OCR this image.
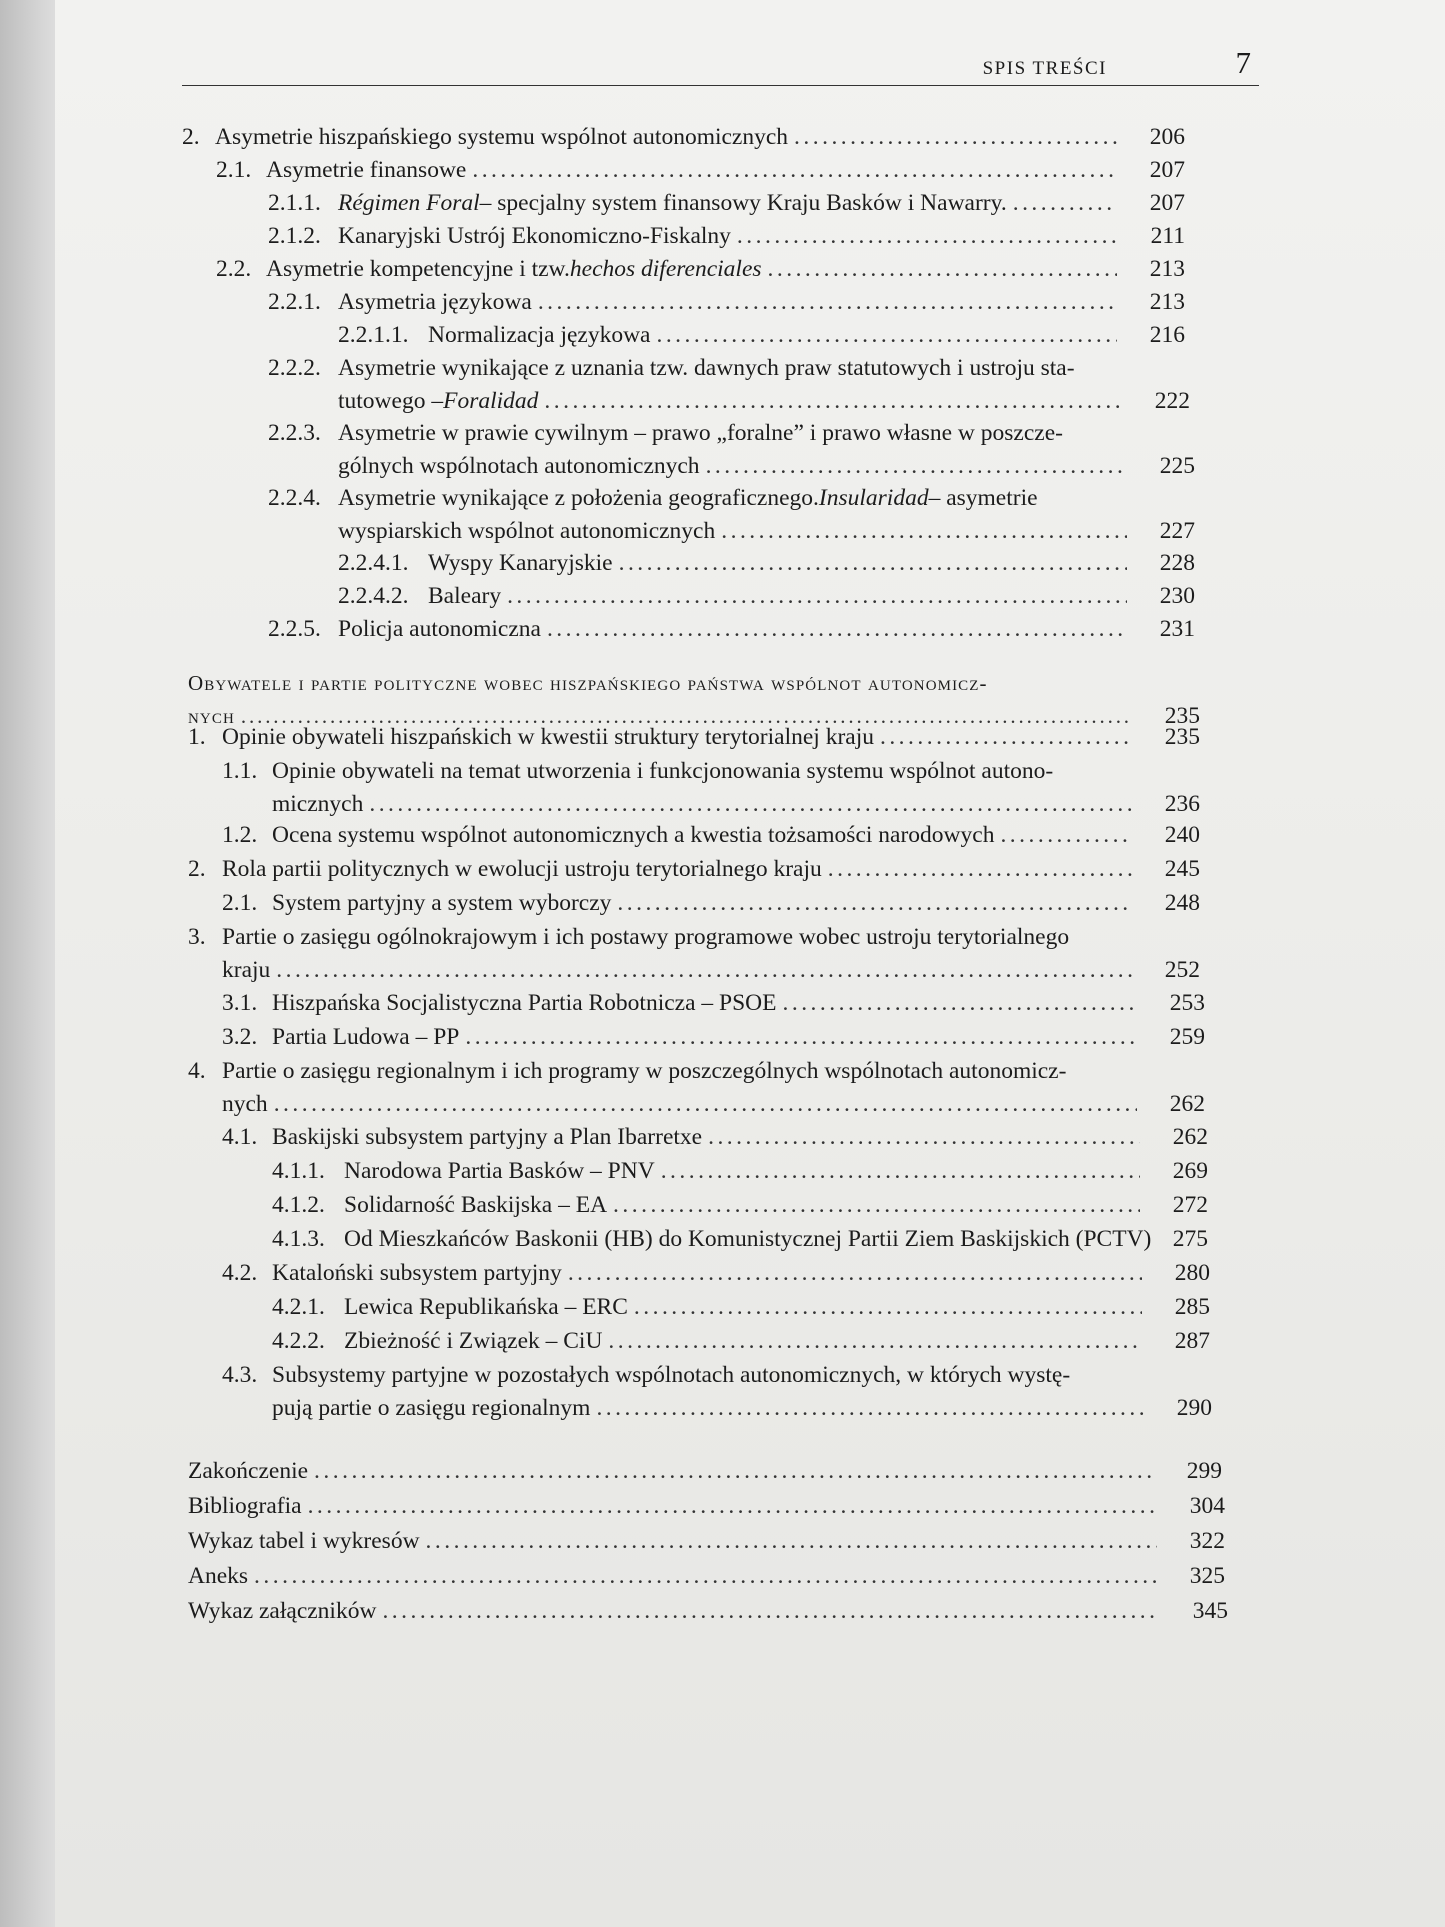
SPIS TREŚCI	7
2. Asymetrie hiszpańskiego systemu wspólnot autonomicznych . . .	206
2.1. Asymetrie finansowe . . .	207
2.1.1. Régimen Foral – specjalny system finansowy Kraju Basków i Nawarry. . . .	207
2.1.2. Kanaryjski Ustrój Ekonomiczno-Fiskalny . . .	211
2.2. Asymetrie kompetencyjne i tzw. hechos diferenciales . . .	213
2.2.1. Asymetria językowa . . .	213
2.2.1.1. Normalizacja językowa . . .	216
2.2.2. Asymetrie wynikające z uznania tzw. dawnych praw statutowych i ustroju sta-
tutowego – Foralidad . . .	222
2.2.3. Asymetrie w prawie cywilnym – prawo „foralne” i prawo własne w poszcze-
gólnych wspólnotach autonomicznych . . .	225
2.2.4. Asymetrie wynikające z położenia geograficznego. Insularidad – asymetrie
wyspiarskich wspólnot autonomicznych . . .	227
2.2.4.1. Wyspy Kanaryjskie . . .	228
2.2.4.2. Baleary . . .	230
2.2.5. Policja autonomiczna . . .	231
Obywatele i partie polityczne wobec hiszpańskiego państwa wspólnot autonomicz-
nych . . .	235
1. Opinie obywateli hiszpańskich w kwestii struktury terytorialnej kraju . . .	235
1.1. Opinie obywateli na temat utworzenia i funkcjonowania systemu wspólnot autono-
micznych . . .	236
1.2. Ocena systemu wspólnot autonomicznych a kwestia tożsamości narodowych . . .	240
2. Rola partii politycznych w ewolucji ustroju terytorialnego kraju . . .	245
2.1. System partyjny a system wyborczy . . .	248
3. Partie o zasięgu ogólnokrajowym i ich postawy programowe wobec ustroju terytorialnego
kraju . . .	252
3.1. Hiszpańska Socjalistyczna Partia Robotnicza – PSOE . . .	253
3.2. Partia Ludowa – PP . . .	259
4. Partie o zasięgu regionalnym i ich programy w poszczególnych wspólnotach autonomicz-
nych . . .	262
4.1. Baskijski subsystem partyjny a Plan Ibarretxe . . .	262
4.1.1. Narodowa Partia Basków – PNV . . .	269
4.1.2. Solidarność Baskijska – EA . . .	272
4.1.3. Od Mieszkańców Baskonii (HB) do Komunistycznej Partii Ziem Baskijskich (PCTV) 275
4.2. Kataloński subsystem partyjny . . .	280
4.2.1. Lewica Republikańska – ERC . . .	285
4.2.2. Zbieżność i Związek – CiU . . .	287
4.3. Subsystemy partyjne w pozostałych wspólnotach autonomicznych, w których wystę-
pują partie o zasięgu regionalnym . . .	290
Zakończenie . . .	299
Bibliografia . . .	304
Wykaz tabel i wykresów . . .	322
Aneks . . .	325
Wykaz załączników . . .	345
